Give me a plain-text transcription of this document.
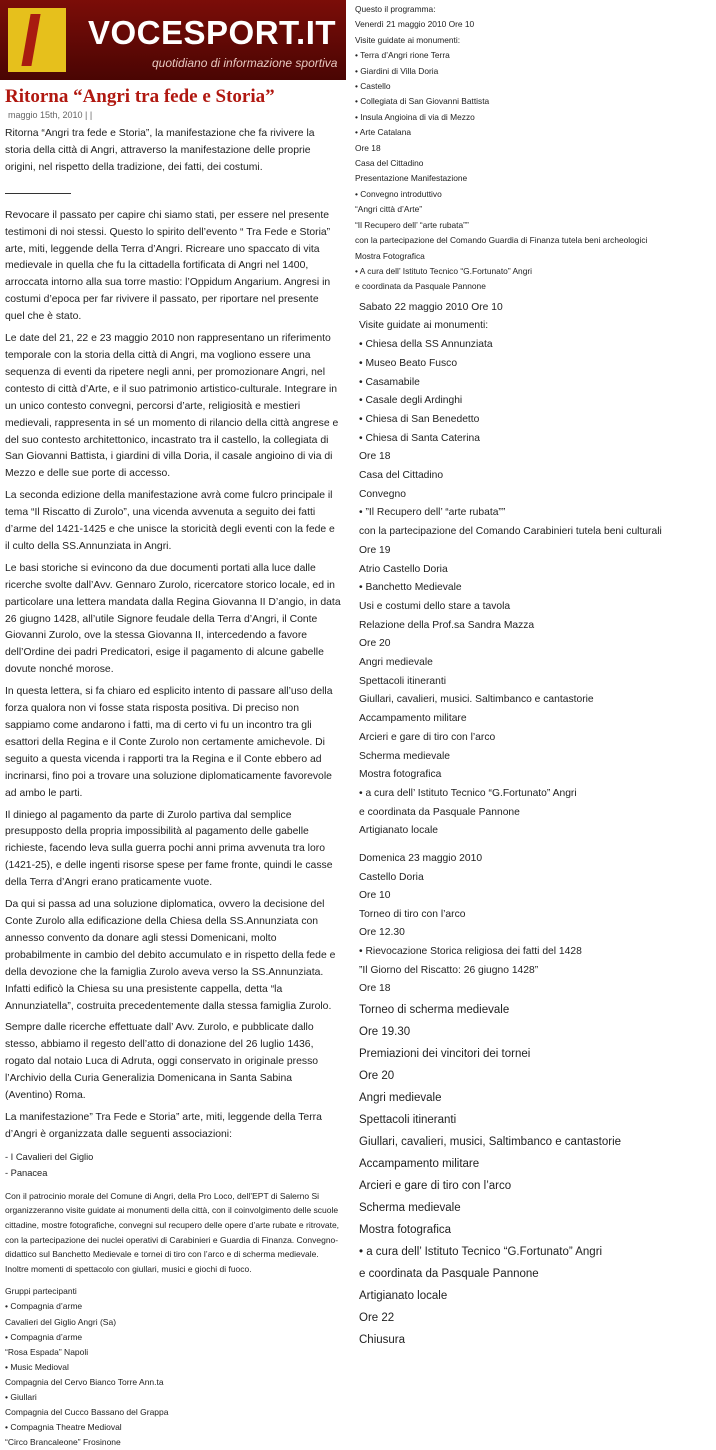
VOCESPORT.IT
quotidiano di informazione sportiva
Ritorna “Angri tra fede e Storia”
maggio 15th, 2010 | |

Ritorna “Angri tra fede e Storia”, la manifestazione che fa rivivere la storia della città di Angri, attraverso la manifestazione delle proprie origini, nel rispetto della tradizione, dei fatti, dei costumi.

Revocare il passato per capire chi siamo stati, per essere nel presente testimoni di noi stessi. Questo lo spirito dell’evento “ Tra Fede e Storia” arte, miti, leggende della Terra d’Angri. Ricreare uno spaccato di vita medievale in quella che fu la cittadella fortificata di Angri nel 1400, arroccata intorno alla sua torre mastio: l’Oppidum Angarium. Angresi in costumi d’epoca per far rivivere il passato, per riportare nel presente quel che è stato.

Le date del 21, 22 e 23 maggio 2010 non rappresentano un riferimento temporale con la storia della città di Angri, ma vogliono essere una sequenza di eventi da ripetere negli anni, per promozionare Angri, nel contesto di città d’Arte, e il suo patrimonio artistico-culturale. Integrare in un unico contesto convegni, percorsi d’arte, religiosità e mestieri medievali, rappresenta in sé un momento di rilancio della città angrese e del suo contesto architettonico, incastrato tra il castello, la collegiata di San Giovanni Battista, i giardini di villa Doria, il casale angioino di via di Mezzo e delle sue porte di accesso.

La seconda edizione della manifestazione avrà come fulcro principale il tema “Il Riscatto di Zurolo”, una vicenda avvenuta a seguito dei fatti d’arme del 1421-1425 e che unisce la storicità degli eventi con la fede e il culto della SS.Annunziata in Angri.

Le basi storiche si evincono da due documenti portati alla luce dalle ricerche svolte dall’Avv. Gennaro Zurolo, ricercatore storico locale, ed in particolare una lettera mandata dalla Regina Giovanna II D’angio, in data 26 giugno 1428, all’utile Signore feudale della Terra d’Angri, il Conte Giovanni Zurolo, ove la stessa Giovanna II, intercedendo a favore dell’Ordine dei padri Predicatori, esige il pagamento di alcune gabelle dovute nonché morose.

In questa lettera, si fa chiaro ed esplicito intento di passare all’uso della forza qualora non vi fosse stata risposta positiva. Di preciso non sappiamo come andarono i fatti, ma di certo vi fu un incontro tra gli esattori della Regina e il Conte Zurolo non certamente amichevole. Di seguito a questa vicenda i rapporti tra la Regina e il Conte ebbero ad incrinarsi, fino poi a trovare una soluzione diplomaticamente favorevole ad ambo le parti.

Il diniego al pagamento da parte di Zurolo partiva dal semplice presupposto della propria impossibilità al pagamento delle gabelle richieste, facendo leva sulla guerra pochi anni prima avvenuta tra loro (1421-25), e delle ingenti risorse spese per fame fronte, quindi le casse della Terra d’Angri erano praticamente vuote.

Da qui si passa ad una soluzione diplomatica, ovvero la decisione del Conte Zurolo alla edificazione della Chiesa della SS.Annunziata con annesso convento da donare agli stessi Domenicani, molto probabilmente in cambio del debito accumulato e in rispetto della fede e della devozione che la famiglia Zurolo aveva verso la SS.Annunziata. Infatti edificò la Chiesa su una presistente cappella, detta “la Annunziatella”, costruita precedentemente dalla stessa famiglia Zurolo.

Sempre dalle ricerche effettuate dall’ Avv. Zurolo, e pubblicate dallo stesso, abbiamo il regesto dell’atto di donazione del 26 luglio 1436, rogato dal notaio Luca di Adruta, oggi conservato in originale presso l’Archivio della Curia Generalizia Domenicana in Santa Sabina (Aventino) Roma.

La manifestazione” Tra Fede e Storia” arte, miti, leggende della Terra d’Angri è organizzata dalle seguenti associazioni:

- I Cavalieri del Giglio
- Panacea
Con il patrocinio morale del Comune di Angri, della Pro Loco, dell’EPT di Salerno Si organizzeranno visite guidate ai monumenti della città, con il coinvolgimento delle scuole cittadine, mostre fotografiche, convegni sul recupero delle opere d’arte rubate e ritrovate, con la partecipazione dei nuclei operativi di Carabinieri e Guardia di Finanza. Convegno-didattico sul Banchetto Medievale e tornei di tiro con l’arco e di scherma medievale. Inoltre momenti di spettacolo con giullari, musici e giochi di fuoco.
Gruppi partecipanti
• Compagnia d’arme
Cavalieri del Giglio Angri (Sa)
• Compagnia d’arme
“Rosa Espada” Napoli
• Music Medioval
Compagnia del Cervo Bianco Torre Ann.ta
• Giullari
Compagnia del Cucco Bassano del Grappa
• Compagnia Theatre Medioval
“Circo Brancaleone” Frosinone
Questo il programma:
Venerdì 21 maggio 2010 Ore 10
Visite guidate ai monumenti:
• Terra d’Angri rione Terra
• Giardini di Villa Doria
• Castello
• Collegiata di San Giovanni Battista
• Insula Angioina di via di Mezzo
• Arte Catalana
Ore 18
Casa del Cittadino
Presentazione Manifestazione
• Convegno introduttivo
“Angri città d’Arte”
“Il Recupero dell’ “arte rubata””
con la partecipazione del Comando Guardia di Finanza tutela beni archeologici
Mostra Fotografica
• A cura dell’ Istituto Tecnico “G.Fortunato” Angri
e coordinata da Pasquale Pannone
Sabato 22 maggio 2010 Ore 10
Visite guidate ai monumenti:
• Chiesa della SS Annunziata
• Museo Beato Fusco
• Casamabile
• Casale degli Ardinghi
• Chiesa di San Benedetto
• Chiesa di Santa Caterina
Ore 18
Casa del Cittadino
Convegno
• ”Il Recupero dell’ “arte rubata””
con la partecipazione del Comando Carabinieri tutela beni culturali
Ore 19
Atrio Castello Doria
• Banchetto Medievale
Usi e costumi dello stare a tavola
Relazione della Prof.sa Sandra Mazza
Ore 20
Angri medievale
Spettacoli itineranti
Giullari, cavalieri, musici. Saltimbanco e cantastorie
Accampamento militare
Arcieri e gare di tiro con l’arco
Scherma medievale
Mostra fotografica
• a cura dell’ Istituto Tecnico “G.Fortunato” Angri
e coordinata da Pasquale Pannone
Artigianato locale
Domenica 23 maggio 2010
Castello Doria
Ore 10
Torneo di tiro con l’arco
Ore 12.30
• Rievocazione Storica religiosa dei fatti del 1428
”Il Giorno del Riscatto: 26 giugno 1428”
Ore 18
Torneo di scherma medievale
Ore 19.30
Premiazioni dei vincitori dei tornei
Ore 20
Angri medievale
Spettacoli itineranti
Giullari, cavalieri, musici, Saltimbanco e cantastorie
Accampamento militare
Arcieri e gare di tiro con l’arco
Scherma medievale
Mostra fotografica
• a cura dell’ Istituto Tecnico “G.Fortunato” Angri
e coordinata da Pasquale Pannone
Artigianato locale
Ore 22
Chiusura
